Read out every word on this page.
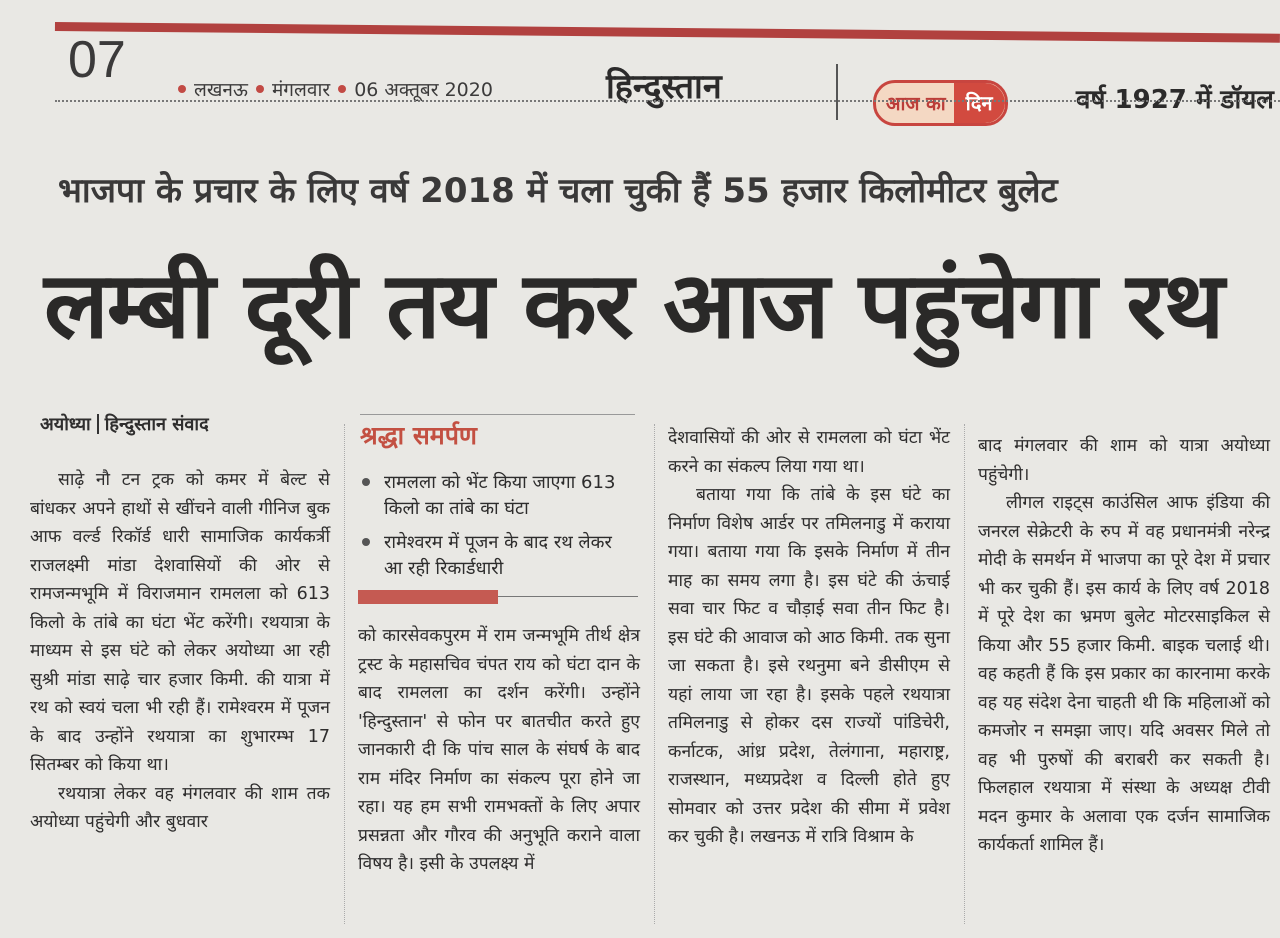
07
लखनऊ मंगलवार 06 अक्तूबर 2020	हिन्दुस्तान	आज का	दिन	वर्ष 1927 में डॉयल
भाजपा के प्रचार के लिए वर्ष 2018 में चला चुकी हैं 55 हजार किलोमीटर बुलेट
लम्बी दूरी तय कर आज पहुंचेगा रथ
अयोध्या हिन्दुस्तान संवाद

साढ़े नौ टन ट्रक को कमर में बेल्ट से बांधकर अपने हाथों से खींचने वाली गीनिज बुक आफ वर्ल्ड रिकॉर्ड धारी सामाजिक कार्यकर्त्री राजलक्ष्मी मांडा देशवासियों की ओर से रामजन्मभूमि में विराजमान रामलला को 613 किलो के तांबे का घंटा भेंट करेंगी। रथयात्रा के माध्यम से इस घंटे को लेकर अयोध्या आ रही सुश्री मांडा साढ़े चार हजार किमी. की यात्रा में रथ को स्वयं चला भी रही हैं। रामेश्वरम में पूजन के बाद उन्होंने रथयात्रा का शुभारम्भ 17 सितम्बर को किया था।

रथयात्रा लेकर वह मंगलवार की शाम तक अयोध्या पहुंचेगी और बुधवार

श्रद्धा समर्पण
रामलला को भेंट किया जाएगा 613 किलो का तांबे का घंटा
रामेश्वरम में पूजन के बाद रथ लेकर आ रही रिकार्डधारी

को कारसेवकपुरम में राम जन्मभूमि तीर्थ क्षेत्र ट्रस्ट के महासचिव चंपत राय को घंटा दान के बाद रामलला का दर्शन करेंगी। उन्होंने 'हिन्दुस्तान' से फोन पर बातचीत करते हुए जानकारी दी कि पांच साल के संघर्ष के बाद राम मंदिर निर्माण का संकल्प पूरा होने जा रहा। यह हम सभी रामभक्तों के लिए अपार प्रसन्नता और गौरव की अनुभूति कराने वाला विषय है। इसी के उपलक्ष्य में

देशवासियों की ओर से रामलला को घंटा भेंट करने का संकल्प लिया गया था।

बताया गया कि तांबे के इस घंटे का निर्माण विशेष आर्डर पर तमिलनाडु में कराया गया। बताया गया कि इसके निर्माण में तीन माह का समय लगा है। इस घंटे की ऊंचाई सवा चार फिट व चौड़ाई सवा तीन फिट है। इस घंटे की आवाज को आठ किमी. तक सुना जा सकता है। इसे रथनुमा बने डीसीएम से यहां लाया जा रहा है। इसके पहले रथयात्रा तमिलनाडु से होकर दस राज्यों पांडिचेरी, कर्नाटक, आंध्र प्रदेश, तेलंगाना, महाराष्ट्र, राजस्थान, मध्यप्रदेश व दिल्ली होते हुए सोमवार को उत्तर प्रदेश की सीमा में प्रवेश कर चुकी है। लखनऊ में रात्रि विश्राम के

बाद मंगलवार की शाम को यात्रा अयोध्या पहुंचेगी।

लीगल राइट्स काउंसिल आफ इंडिया की जनरल सेक्रेटरी के रुप में वह प्रधानमंत्री नरेन्द्र मोदी के समर्थन में भाजपा का पूरे देश में प्रचार भी कर चुकी हैं। इस कार्य के लिए वर्ष 2018 में पूरे देश का भ्रमण बुलेट मोटरसाइकिल से किया और 55 हजार किमी. बाइक चलाई थी। वह कहती हैं कि इस प्रकार का कारनामा करके वह यह संदेश देना चाहती थी कि महिलाओं को कमजोर न समझा जाए। यदि अवसर मिले तो वह भी पुरुषों की बराबरी कर सकती है। फिलहाल रथयात्रा में संस्था के अध्यक्ष टीवी मदन कुमार के अलावा एक दर्जन सामाजिक कार्यकर्ता शामिल हैं।
